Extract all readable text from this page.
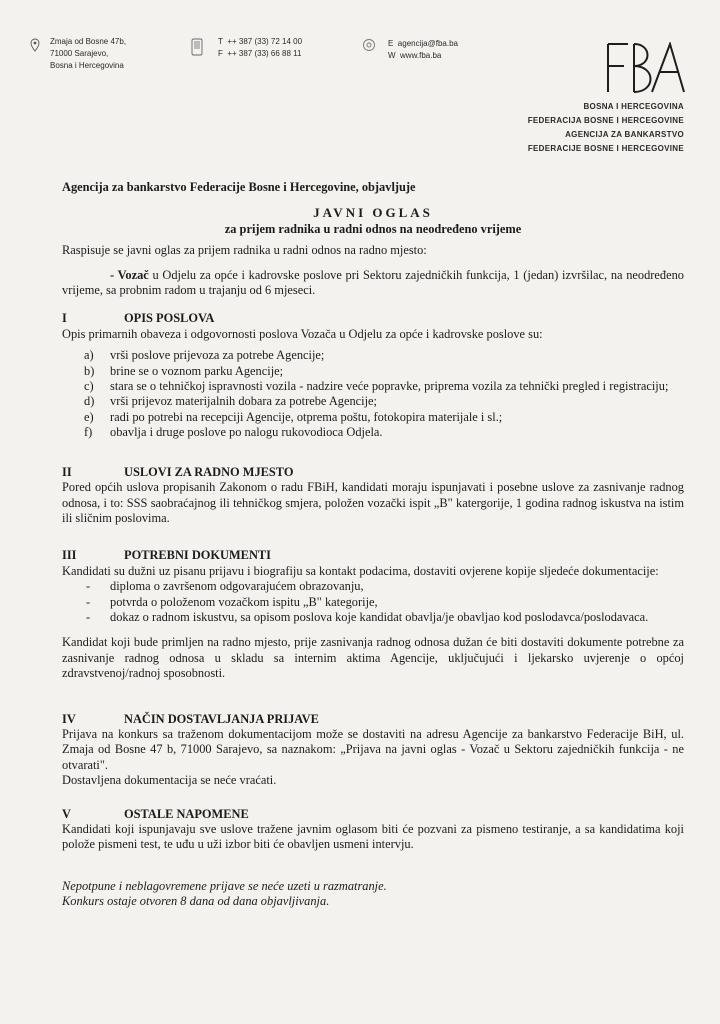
Zmaja od Bosne 47b,
71000 Sarajevo,
Bosna i Hercegovina
T ++ 387 (33) 72 14 00
F ++ 387 (33) 66 88 11
E agencija@fba.ba
W www.fba.ba
BOSNA I HERCEGOVINA
FEDERACIJA BOSNE I HERCEGOVINE
AGENCIJA ZA BANKARSTVO
FEDERACIJE BOSNE I HERCEGOVINE

Agencija za bankarstvo Federacije Bosne i Hercegovine, objavljuje

JAVNI OGLAS
za prijem radnika u radni odnos na neodređeno vrijeme

Raspisuje se javni oglas za prijem radnika u radni odnos na radno mjesto:

- Vozač u Odjelu za opće i kadrovske poslove pri Sektoru zajedničkih funkcija, 1 (jedan) izvršilac, na neodređeno vrijeme, sa probnim radom u trajanju od 6 mjeseci.

I	OPIS POSLOVA

Opis primarnih obaveza i odgovornosti poslova Vozača u Odjelu za opće i kadrovske poslove su:

a)	vrši poslove prijevoza za potrebe Agencije;
b)	brine se o voznom parku Agencije;
c)	stara se o tehničkoj ispravnosti vozila - nadzire veće popravke, priprema vozila za tehnički pregled i registraciju;
d)	vrši prijevoz materijalnih dobara za potrebe Agencije;
e)	radi po potrebi na recepciji Agencije, otprema poštu, fotokopira materijale i sl.;
f)	obavlja i druge poslove po nalogu rukovodioca Odjela.
II	USLOVI ZA RADNO MJESTO

Pored općih uslova propisanih Zakonom o radu FBiH, kandidati moraju ispunjavati i posebne uslove za zasnivanje radnog odnosa, i to: SSS saobraćajnog ili tehničkog smjera, položen vozački ispit „B" katergorije, 1 godina radnog iskustva na istim ili sličnim poslovima.

III	POTREBNI DOKUMENTI

Kandidati su dužni uz pisanu prijavu i biografiju sa kontakt podacima, dostaviti ovjerene kopije sljedeće dokumentacije:

-	diploma o završenom odgovarajućem obrazovanju,
-	potvrda o položenom vozačkom ispitu „B" kategorije,
-	dokaz o radnom iskustvu, sa opisom poslova koje kandidat obavlja/je obavljao kod poslodavca/poslodavaca.

Kandidat koji bude primljen na radno mjesto, prije zasnivanja radnog odnosa dužan će biti dostaviti dokumente potrebne za zasnivanje radnog odnosa u skladu sa internim aktima Agencije, uključujući i ljekarsko uvjerenje o općoj zdravstvenoj/radnoj sposobnosti.

IV	NAČIN DOSTAVLJANJA PRIJAVE

Prijava na konkurs sa traženom dokumentacijom može se dostaviti na adresu Agencije za bankarstvo Federacije BiH, ul. Zmaja od Bosne 47 b, 71000 Sarajevo, sa naznakom: „Prijava na javni oglas - Vozač u Sektoru zajedničkih funkcija - ne otvarati".

Dostavljena dokumentacija se neće vraćati.

V	OSTALE NAPOMENE

Kandidati koji ispunjavaju sve uslove tražene javnim oglasom biti će pozvani za pismeno testiranje, a sa kandidatima koji polože pismeni test, te uđu u uži izbor biti će obavljen usmeni intervju.

Nepotpune i neblagovremene prijave se neće uzeti u razmatranje.
Konkurs ostaje otvoren 8 dana od dana objavljivanja.
